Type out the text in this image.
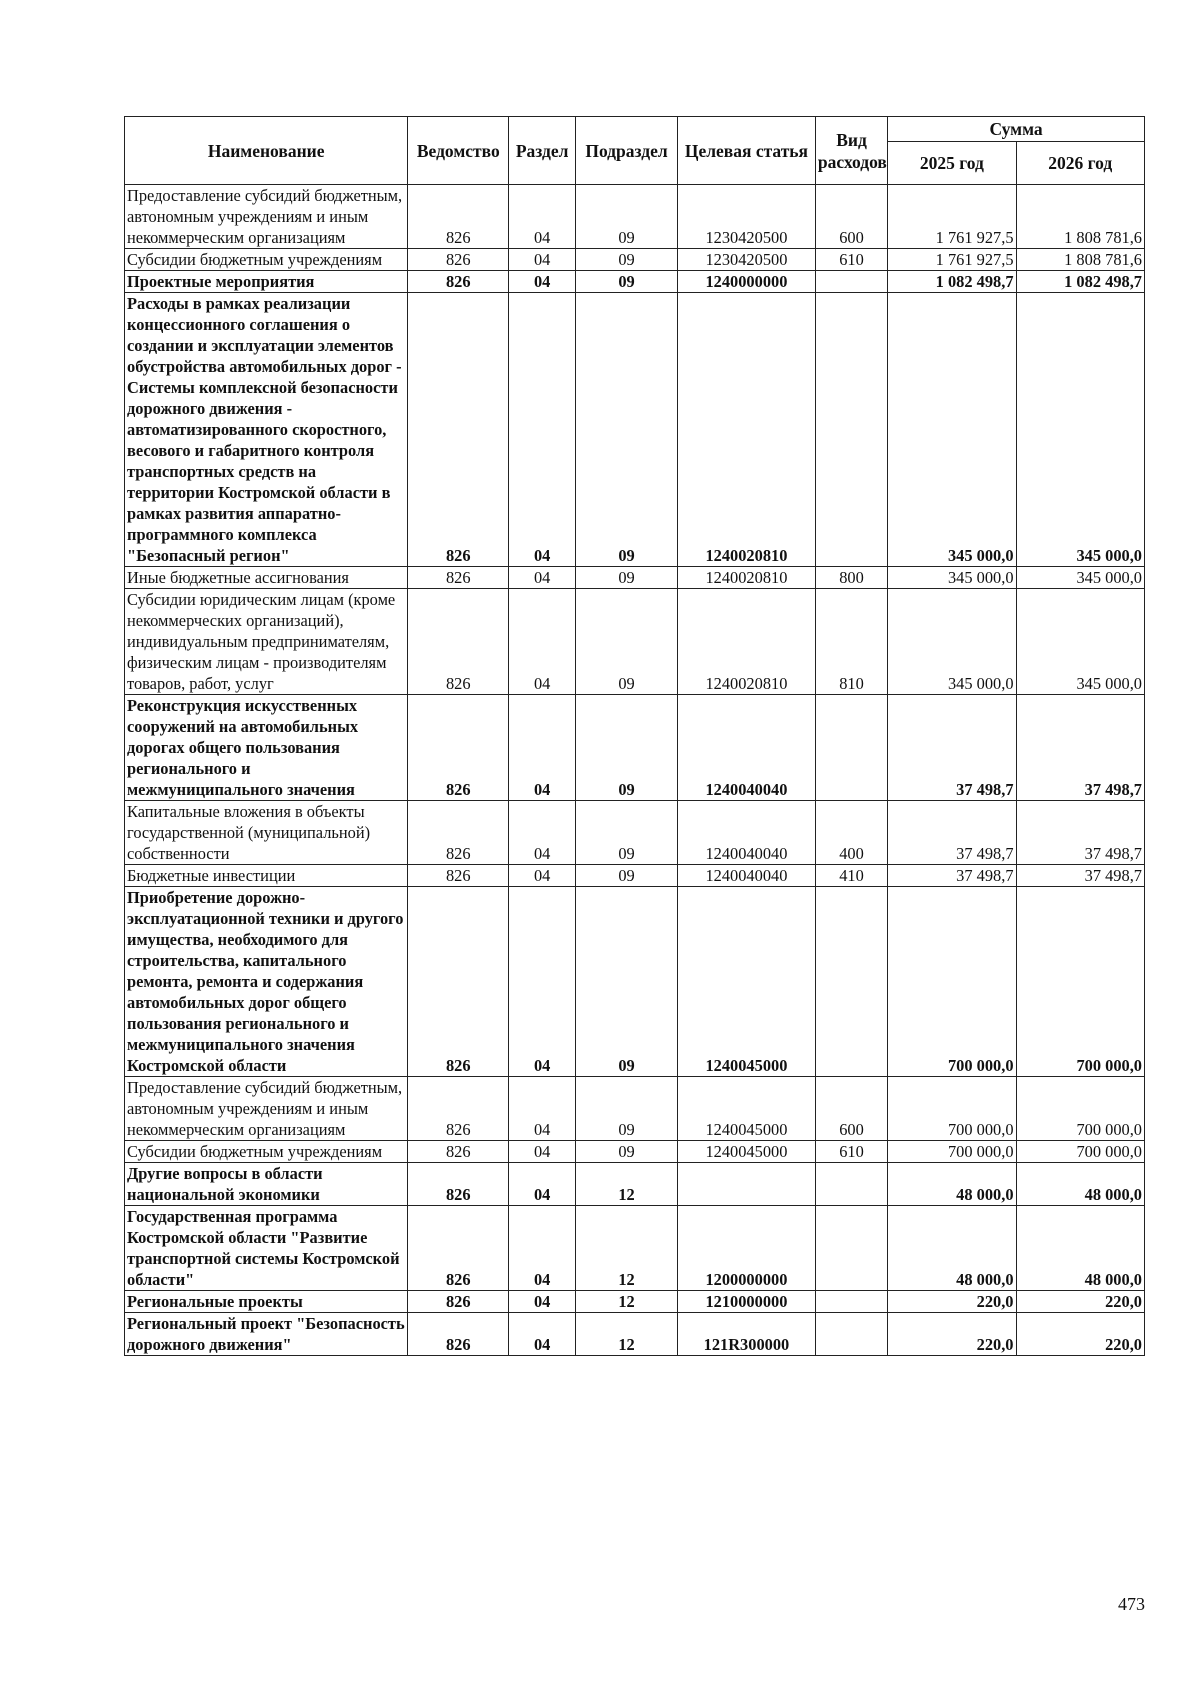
Наименование	Ведомство	Раздел	Подраздел	Целевая статья	Вид расходов	Сумма	
						2025 год	2026 год
Предоставление субсидий бюджетным, автономным учреждениям и иным некоммерческим организациям	826	04	09	1230420500	600	1 761 927,5	1 808 781,6
Субсидии бюджетным учреждениям	826	04	09	1230420500	610	1 761 927,5	1 808 781,6
Проектные мероприятия	826	04	09	1240000000		1 082 498,7	1 082 498,7
Расходы в рамках реализации концессионного соглашения о создании и эксплуатации элементов обустройства автомобильных дорог - Системы комплексной безопасности дорожного движения - автоматизированного скоростного, весового и габаритного контроля транспортных средств на территории Костромской области в рамках развития аппаратно-программного комплекса "Безопасный регион"	826	04	09	1240020810		345 000,0	345 000,0
Иные бюджетные ассигнования	826	04	09	1240020810	800	345 000,0	345 000,0
Субсидии юридическим лицам (кроме некоммерческих организаций), индивидуальным предпринимателям, физическим лицам - производителям товаров, работ, услуг	826	04	09	1240020810	810	345 000,0	345 000,0
Реконструкция искусственных сооружений на автомобильных дорогах общего пользования регионального и межмуниципального значения	826	04	09	1240040040		37 498,7	37 498,7
Капитальные вложения в объекты государственной (муниципальной) собственности	826	04	09	1240040040	400	37 498,7	37 498,7
Бюджетные инвестиции	826	04	09	1240040040	410	37 498,7	37 498,7
Приобретение дорожно-эксплуатационной техники и другого имущества, необходимого для строительства, капитального ремонта, ремонта и содержания автомобильных дорог общего пользования регионального и межмуниципального значения Костромской области	826	04	09	1240045000		700 000,0	700 000,0
Предоставление субсидий бюджетным, автономным учреждениям и иным некоммерческим организациям	826	04	09	1240045000	600	700 000,0	700 000,0
Субсидии бюджетным учреждениям	826	04	09	1240045000	610	700 000,0	700 000,0
Другие вопросы в области национальной экономики	826	04	12			48 000,0	48 000,0
Государственная программа Костромской области "Развитие транспортной системы Костромской области"	826	04	12	1200000000		48 000,0	48 000,0
Региональные проекты	826	04	12	1210000000		220,0	220,0
Региональный проект "Безопасность дорожного движения"	826	04	12	121R300000		220,0	220,0
473
